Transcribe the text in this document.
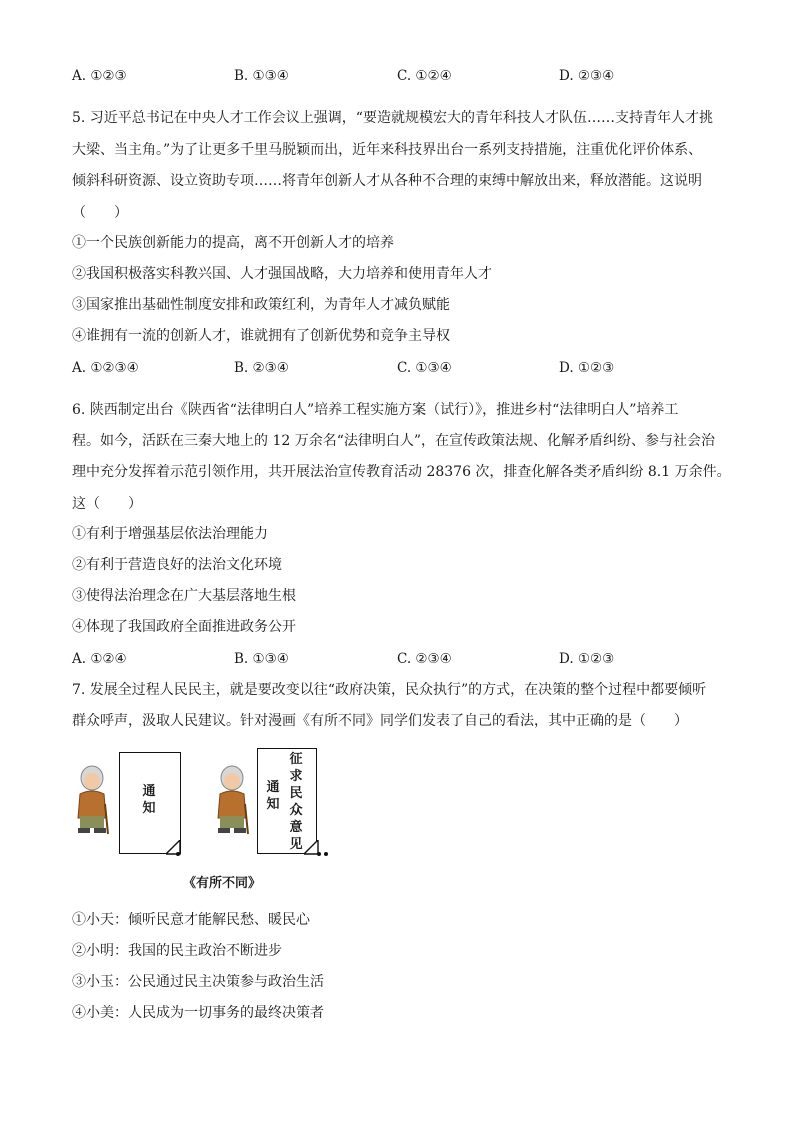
A. ①②③	B. ①③④	C. ①②④	D. ②③④
5. 习近平总书记在中央人才工作会议上强调，“要造就规模宏大的青年科技人才队伍……支持青年人才挑
大梁、当主角。”为了让更多千里马脱颖而出，近年来科技界出台一系列支持措施，注重优化评价体系、
倾斜科研资源、设立资助专项……将青年创新人才从各种不合理的束缚中解放出来，释放潜能。这说明
（　　）
①一个民族创新能力的提高，离不开创新人才的培养
②我国积极落实科教兴国、人才强国战略，大力培养和使用青年人才
③国家推出基础性制度安排和政策红利，为青年人才减负赋能
④谁拥有一流的创新人才，谁就拥有了创新优势和竞争主导权
A. ①②③④	B. ②③④	C. ①③④	D. ①②③
6. 陕西制定出台《陕西省“法律明白人”培养工程实施方案（试行）》，推进乡村“法律明白人”培养工
程。如今，活跃在三秦大地上的 12 万余名“法律明白人”，在宣传政策法规、化解矛盾纠纷、参与社会治
理中充分发挥着示范引领作用，共开展法治宣传教育活动 28376 次，排查化解各类矛盾纠纷 8.1 万余件。
这（　　）
①有利于增强基层依法治理能力
②有利于营造良好的法治文化环境
③使得法治理念在广大基层落地生根
④体现了我国政府全面推进政务公开
A. ①②④	B. ①③④	C. ②③④	D. ①②③
7. 发展全过程人民民主，就是要改变以往“政府决策，民众执行”的方式，在决策的整个过程中都要倾听
群众呼声，汲取人民建议。针对漫画《有所不同》同学们发表了自己的看法，其中正确的是（　　）
通知
通知
征求民众意见
《有所不同》
①小天：倾听民意才能解民愁、暖民心
②小明：我国的民主政治不断进步
③小玉：公民通过民主决策参与政治生活
④小美：人民成为一切事务的最终决策者
